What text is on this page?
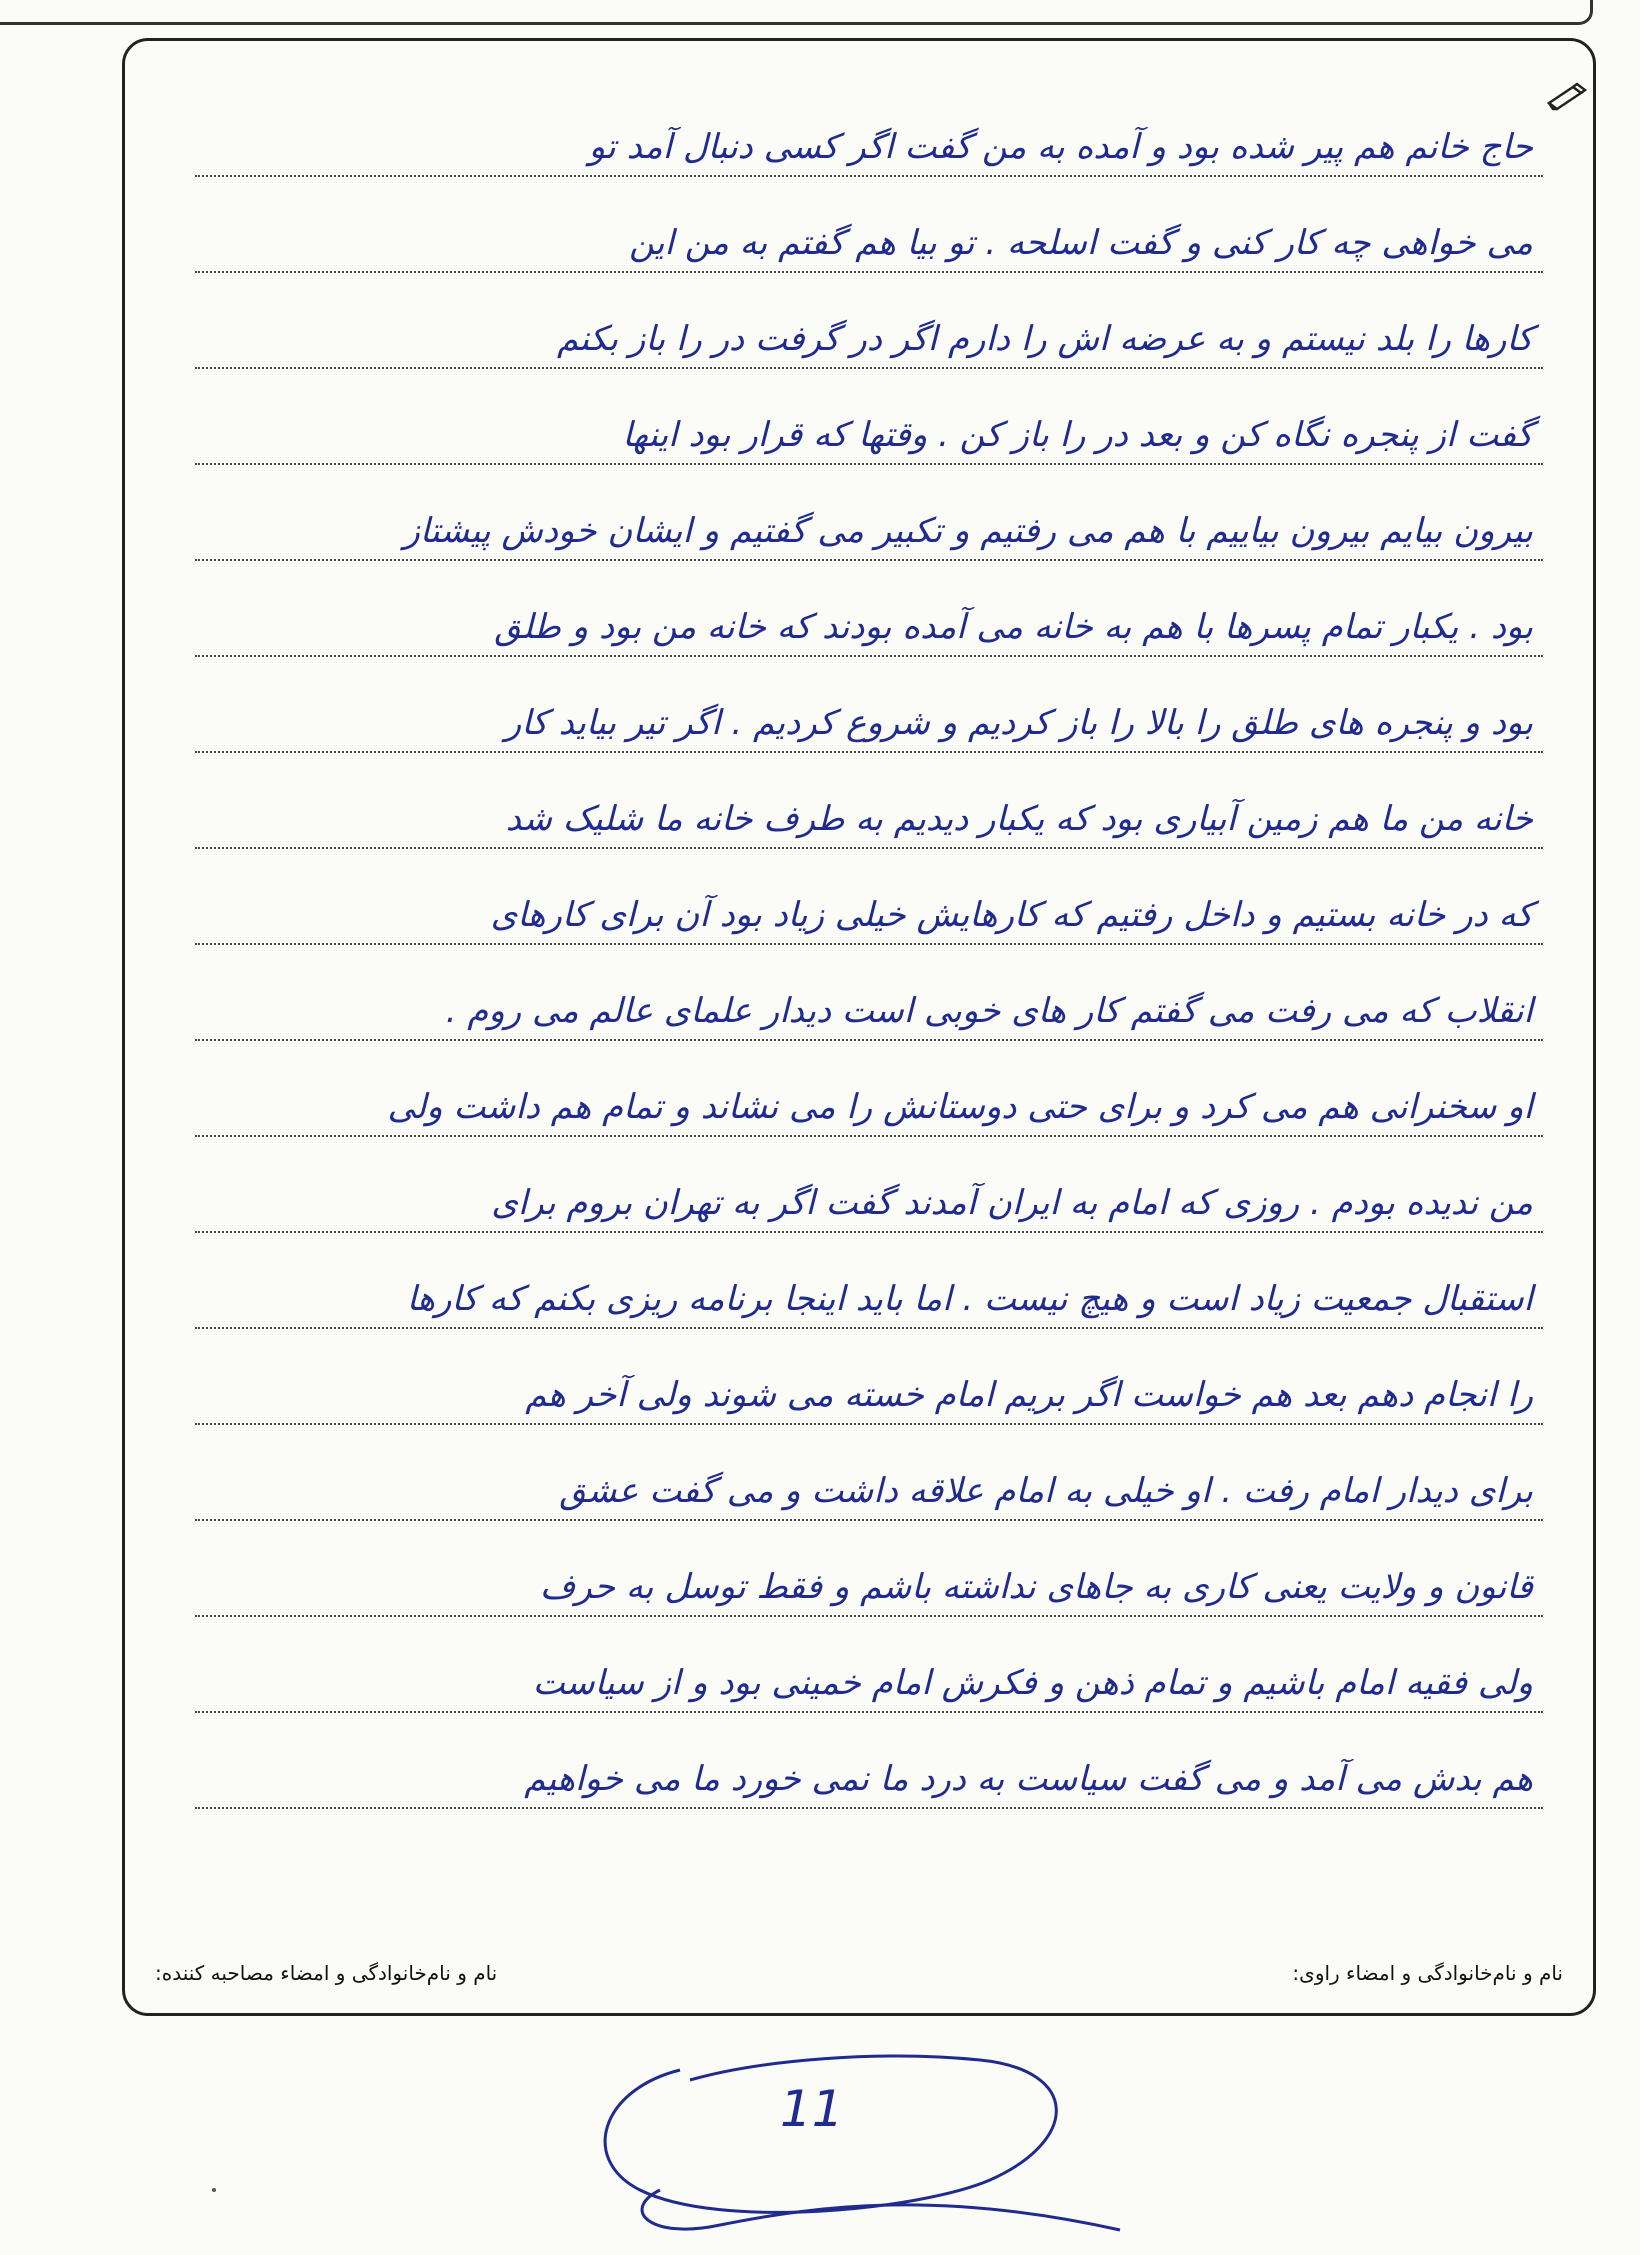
حاج خانم هم پیر شده بود و آمده به من گفت اگر کسی دنبال آمد تو
می خواهی چه کار کنی و گفت اسلحه . تو بیا هم گفتم به من این
کارها را بلد نیستم و به عرضه اش را دارم اگر در گرفت در را باز بکنم
گفت از پنجره نگاه کن و بعد در را باز کن . وقتها که قرار بود اینها
بیرون بیایم بیرون بیاییم با هم می رفتیم و تکبیر می گفتیم و ایشان خودش پیشتاز
بود . یکبار تمام پسرها با هم به خانه می آمده بودند که خانه من بود و طلق
بود و پنجره های طلق را بالا را باز کردیم و شروع کردیم . اگر تیر بیاید کار
خانه من ما هم زمین آبیاری بود که یکبار دیدیم به طرف خانه ما شلیک شد
که در خانه بستیم و داخل رفتیم که کارهایش خیلی زیاد بود آن برای کارهای
انقلاب که می رفت می گفتم کار های خوبی است دیدار علمای عالم می روم .
او سخنرانی هم می کرد و برای حتی دوستانش را می نشاند و تمام هم داشت ولی
من ندیده بودم . روزی که امام به ایران آمدند گفت اگر به تهران بروم برای
استقبال جمعیت زیاد است و هیچ نیست . اما باید اینجا برنامه ریزی بکنم که کارها
را انجام دهم بعد هم خواست اگر بریم امام خسته می شوند ولی آخر هم
برای دیدار امام رفت . او خیلی به امام علاقه داشت و می گفت عشق
قانون و ولایت یعنی کاری به جاهای نداشته باشم و فقط توسل به حرف
ولی فقیه امام باشیم و تمام ذهن و فکرش امام خمینی بود و از سیاست
هم بدش می آمد و می گفت سیاست به درد ما نمی خورد ما می خواهیم
نام و نام‌خانوادگی و امضاء راوی:
نام و نام‌خانوادگی و امضاء مصاحبه کننده:
11
